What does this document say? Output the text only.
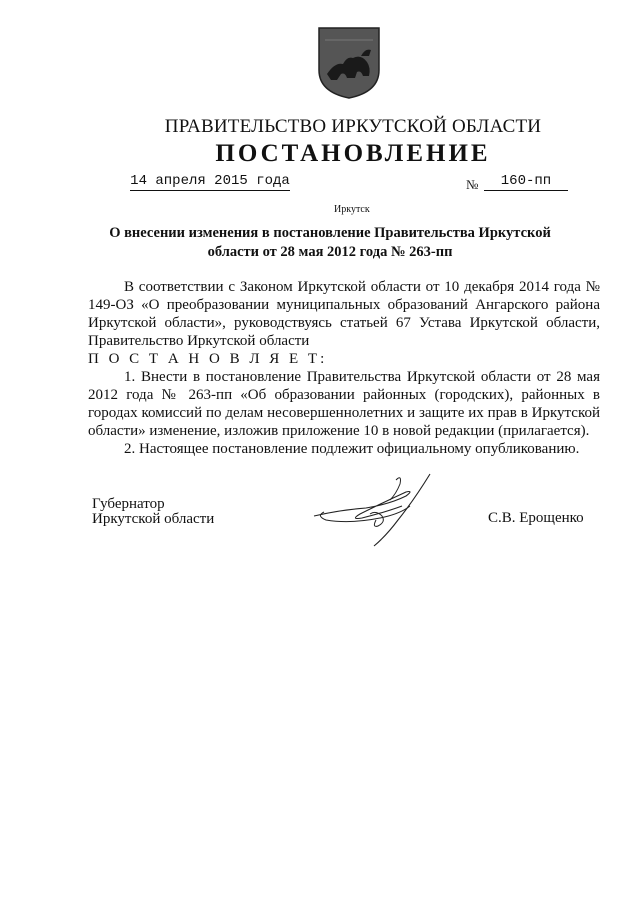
ПРАВИТЕЛЬСТВО ИРКУТСКОЙ ОБЛАСТИ
ПОСТАНОВЛЕНИЕ
14 апреля 2015 года	№	160-пп
Иркутск
О внесении изменения в постановление Правительства Иркутской области от 28 мая 2012 года № 263-пп

В соответствии с Законом Иркутской области от 10 декабря 2014 года № 149-ОЗ «О преобразовании муниципальных образований Ангарского района Иркутской области», руководствуясь статьей 67 Устава Иркутской области, Правительство Иркутской области

П О С Т А Н О В Л Я Е Т:

1. Внести в постановление Правительства Иркутской области от 28 мая 2012 года № 263-пп «Об образовании районных (городских), районных в городах комиссий по делам несовершеннолетних и защите их прав в Иркутской области» изменение, изложив приложение 10 в новой редакции (прилагается).

2. Настоящее постановление подлежит официальному опубликованию.

Губернатор
Иркутской области	С.В. Ерощенко
